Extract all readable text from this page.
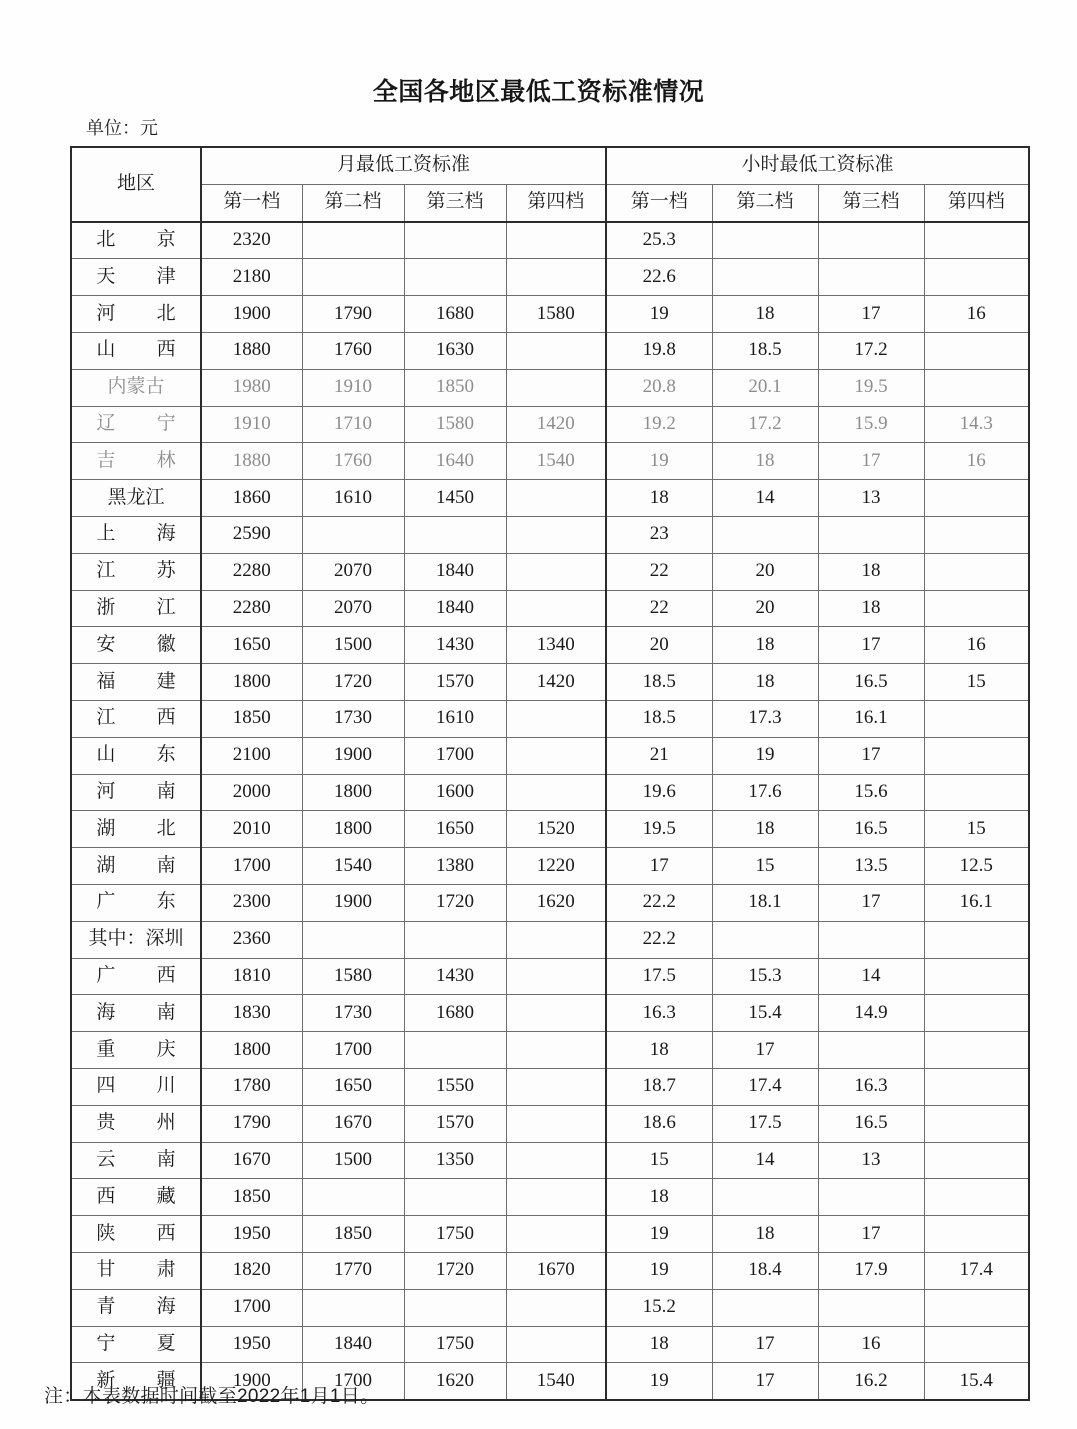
全国各地区最低工资标准情况
单位：元
地区	月最低工资标准				小时最低工资标准			
	第一档	第二档	第三档	第四档	第一档	第二档	第三档	第四档
北 京	2320				25.3			
天 津	2180				22.6			
河 北	1900	1790	1680	1580	19	18	17	16
山 西	1880	1760	1630		19.8	18.5	17.2	
内蒙古	1980	1910	1850		20.8	20.1	19.5	
辽 宁	1910	1710	1580	1420	19.2	17.2	15.9	14.3
吉 林	1880	1760	1640	1540	19	18	17	16
黑龙江	1860	1610	1450		18	14	13	
上 海	2590				23			
江 苏	2280	2070	1840		22	20	18	
浙 江	2280	2070	1840		22	20	18	
安 徽	1650	1500	1430	1340	20	18	17	16
福 建	1800	1720	1570	1420	18.5	18	16.5	15
江 西	1850	1730	1610		18.5	17.3	16.1	
山 东	2100	1900	1700		21	19	17	
河 南	2000	1800	1600		19.6	17.6	15.6	
湖 北	2010	1800	1650	1520	19.5	18	16.5	15
湖 南	1700	1540	1380	1220	17	15	13.5	12.5
广 东	2300	1900	1720	1620	22.2	18.1	17	16.1
其中：深圳	2360				22.2			
广 西	1810	1580	1430		17.5	15.3	14	
海 南	1830	1730	1680		16.3	15.4	14.9	
重 庆	1800	1700			18	17		
四 川	1780	1650	1550		18.7	17.4	16.3	
贵 州	1790	1670	1570		18.6	17.5	16.5	
云 南	1670	1500	1350		15	14	13	
西 藏	1850				18			
陕 西	1950	1850	1750		19	18	17	
甘 肃	1820	1770	1720	1670	19	18.4	17.9	17.4
青 海	1700				15.2			
宁 夏	1950	1840	1750		18	17	16	
新 疆	1900	1700	1620	1540	19	17	16.2	15.4
注：本表数据时间截至2022年1月1日。
